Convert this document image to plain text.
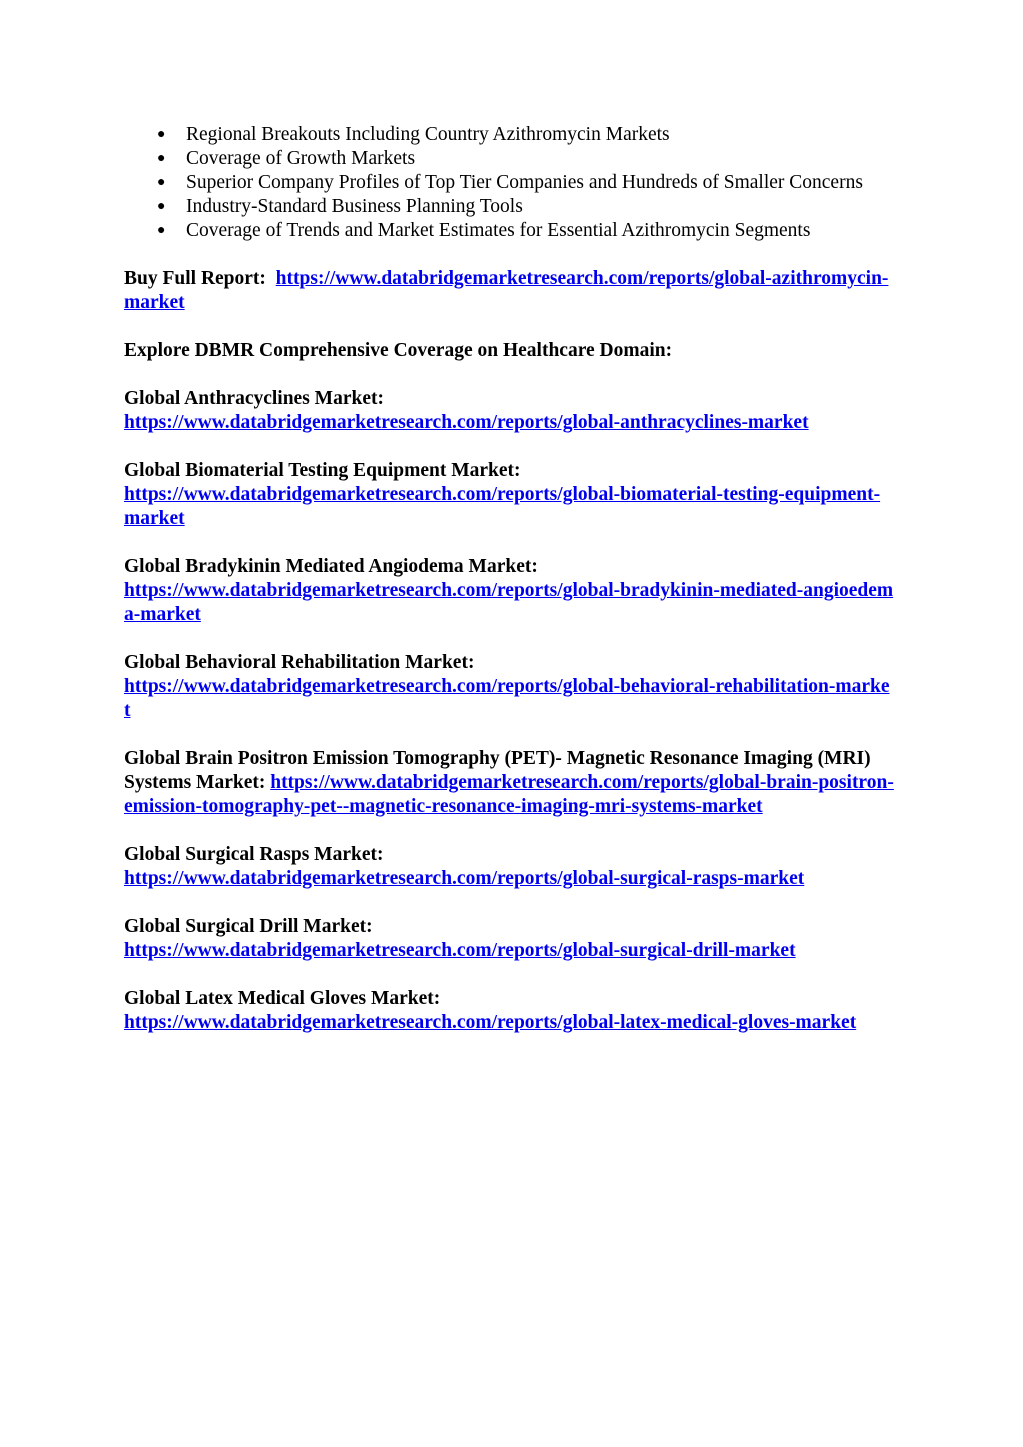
● Regional Breakouts Including Country Azithromycin Markets
● Coverage of Growth Markets
● Superior Company Profiles of Top Tier Companies and Hundreds of Smaller Concerns
● Industry-Standard Business Planning Tools
● Coverage of Trends and Market Estimates for Essential Azithromycin Segments
Buy Full Report: https://www.databridgemarketresearch.com/reports/global-azithromycin-market
Explore DBMR Comprehensive Coverage on Healthcare Domain:
Global Anthracyclines Market:
https://www.databridgemarketresearch.com/reports/global-anthracyclines-market
Global Biomaterial Testing Equipment Market:
https://www.databridgemarketresearch.com/reports/global-biomaterial-testing-equipment-market
Global Bradykinin Mediated Angiodema Market:
https://www.databridgemarketresearch.com/reports/global-bradykinin-mediated-angioedema-market
Global Behavioral Rehabilitation Market:
https://www.databridgemarketresearch.com/reports/global-behavioral-rehabilitation-market
Global Brain Positron Emission Tomography (PET)- Magnetic Resonance Imaging (MRI) Systems Market: https://www.databridgemarketresearch.com/reports/global-brain-positron-emission-tomography-pet--magnetic-resonance-imaging-mri-systems-market
Global Surgical Rasps Market:
https://www.databridgemarketresearch.com/reports/global-surgical-rasps-market
Global Surgical Drill Market:
https://www.databridgemarketresearch.com/reports/global-surgical-drill-market
Global Latex Medical Gloves Market:
https://www.databridgemarketresearch.com/reports/global-latex-medical-gloves-market
